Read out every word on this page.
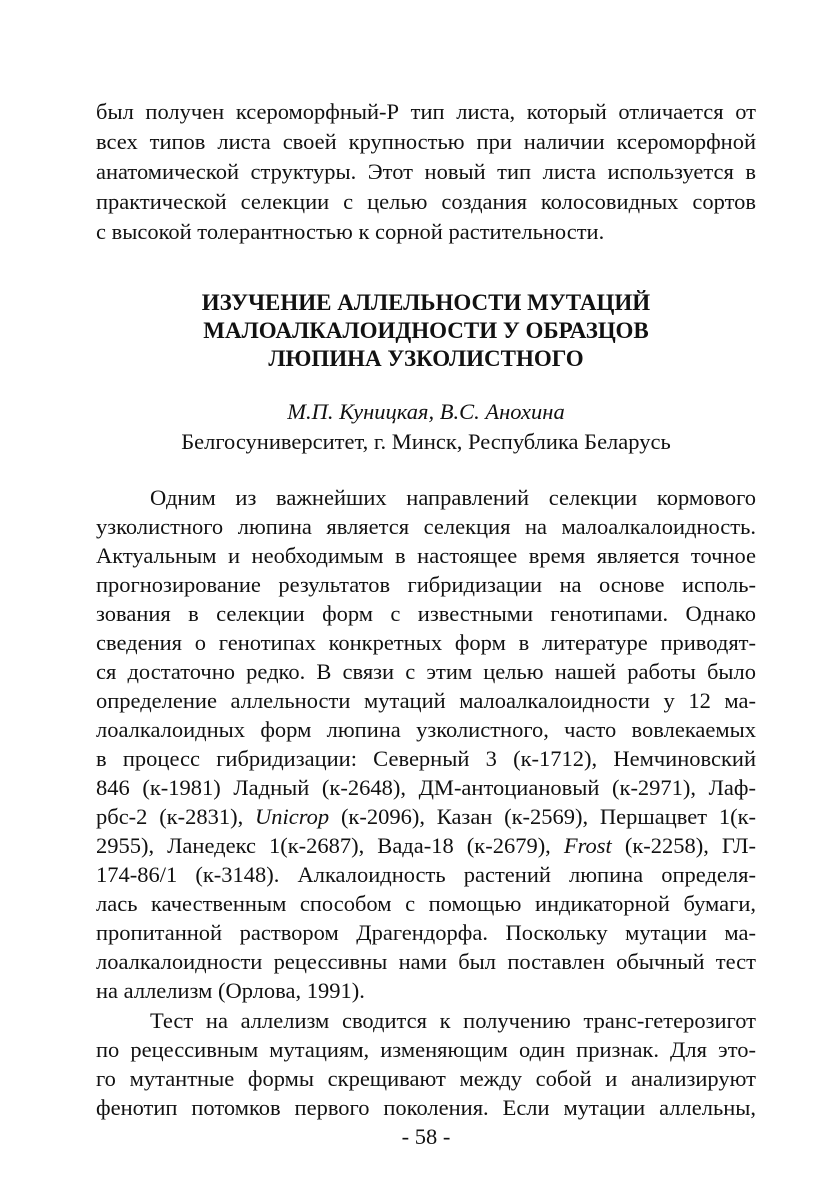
был получен ксероморфный-Р тип листа, который отличается от
всех типов листа своей крупностью при наличии ксероморфной
анатомической структуры. Этот новый тип листа используется в
практической селекции с целью создания колосовидных сортов
с высокой толерантностью к сорной растительности.
ИЗУЧЕНИЕ АЛЛЕЛЬНОСТИ МУТАЦИЙ
МАЛОАЛКАЛОИДНОСТИ У ОБРАЗЦОВ
ЛЮПИНА УЗКОЛИСТНОГО
М.П. Куницкая, В.С. Анохина
Белгосуниверситет, г. Минск, Республика Беларусь
Одним из важнейших направлений селекции кормового
узколистного люпина является селекция на малоалкалоидность.
Актуальным и необходимым в настоящее время является точное
прогнозирование результатов гибридизации на основе исполь-
зования в селекции форм с известными генотипами. Однако
сведения о генотипах конкретных форм в литературе приводят-
ся достаточно редко. В связи с этим целью нашей работы было
определение аллельности мутаций малоалкалоидности у 12 ма-
лоалкалоидных форм люпина узколистного, часто вовлекаемых
в процесс гибридизации: Северный 3 (к-1712), Немчиновский
846 (к-1981) Ладный (к-2648), ДМ-антоциановый (к-2971), Лаф-
рбс-2 (к-2831), Unicrop (к-2096), Казан (к-2569), Першацвет 1(к-
2955), Ланедекс 1(к-2687), Вада-18 (к-2679), Frost (к-2258), ГЛ-
174-86/1 (к-3148). Алкалоидность растений люпина определя-
лась качественным способом с помощью индикаторной бумаги,
пропитанной раствором Драгендорфа. Поскольку мутации ма-
лоалкалоидности рецессивны нами был поставлен обычный тест
на аллелизм (Орлова, 1991).
Тест на аллелизм сводится к получению транс-гетерозигот
по рецессивным мутациям, изменяющим один признак. Для это-
го мутантные формы скрещивают между собой и анализируют
фенотип потомков первого поколения. Если мутации аллельны,
- 58 -
